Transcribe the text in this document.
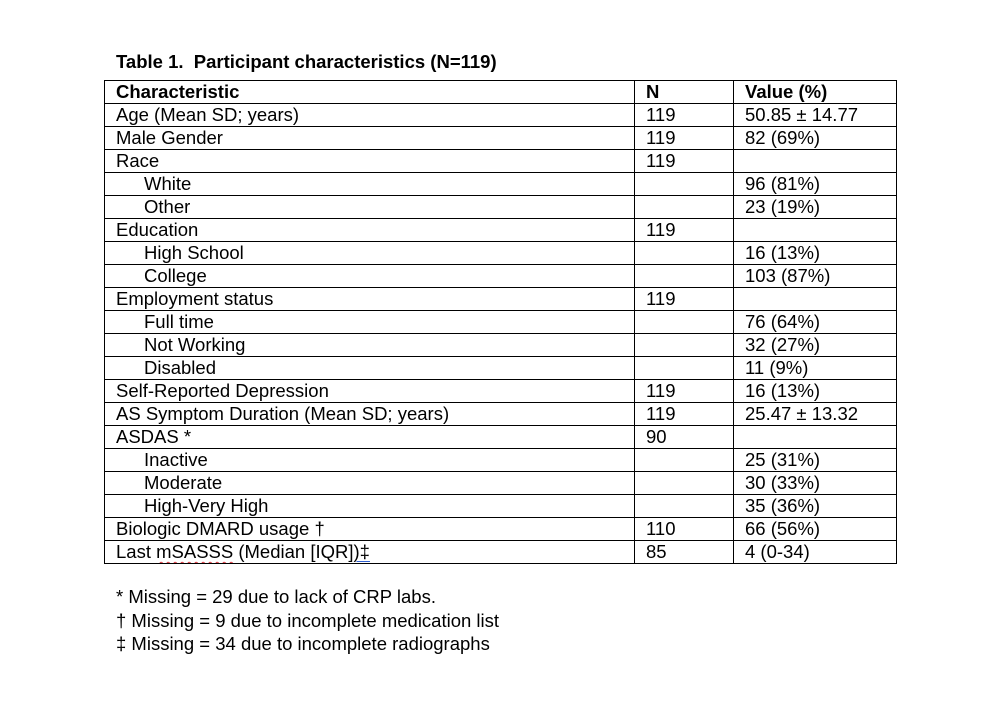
Table 1.  Participant characteristics (N=119)
Characteristic	N	Value (%)
Age (Mean SD; years)	119	50.85 ± 14.77
Male Gender	119	82 (69%)
Race	119	
White		96 (81%)
Other		23 (19%)
Education	119	
High School		16 (13%)
College		103 (87%)
Employment status	119	
Full time		76 (64%)
Not Working		32 (27%)
Disabled		11 (9%)
Self-Reported Depression	119	16 (13%)
AS Symptom Duration (Mean SD; years)	119	25.47 ± 13.32
ASDAS *	90	
Inactive		25 (31%)
Moderate		30 (33%)
High-Very High		35 (36%)
Biologic DMARD usage †	110	66 (56%)
Last mSASSS (Median [IQR])‡	85	4 (0-34)
* Missing = 29 due to lack of CRP labs.
† Missing = 9 due to incomplete medication list
‡ Missing = 34 due to incomplete radiographs
